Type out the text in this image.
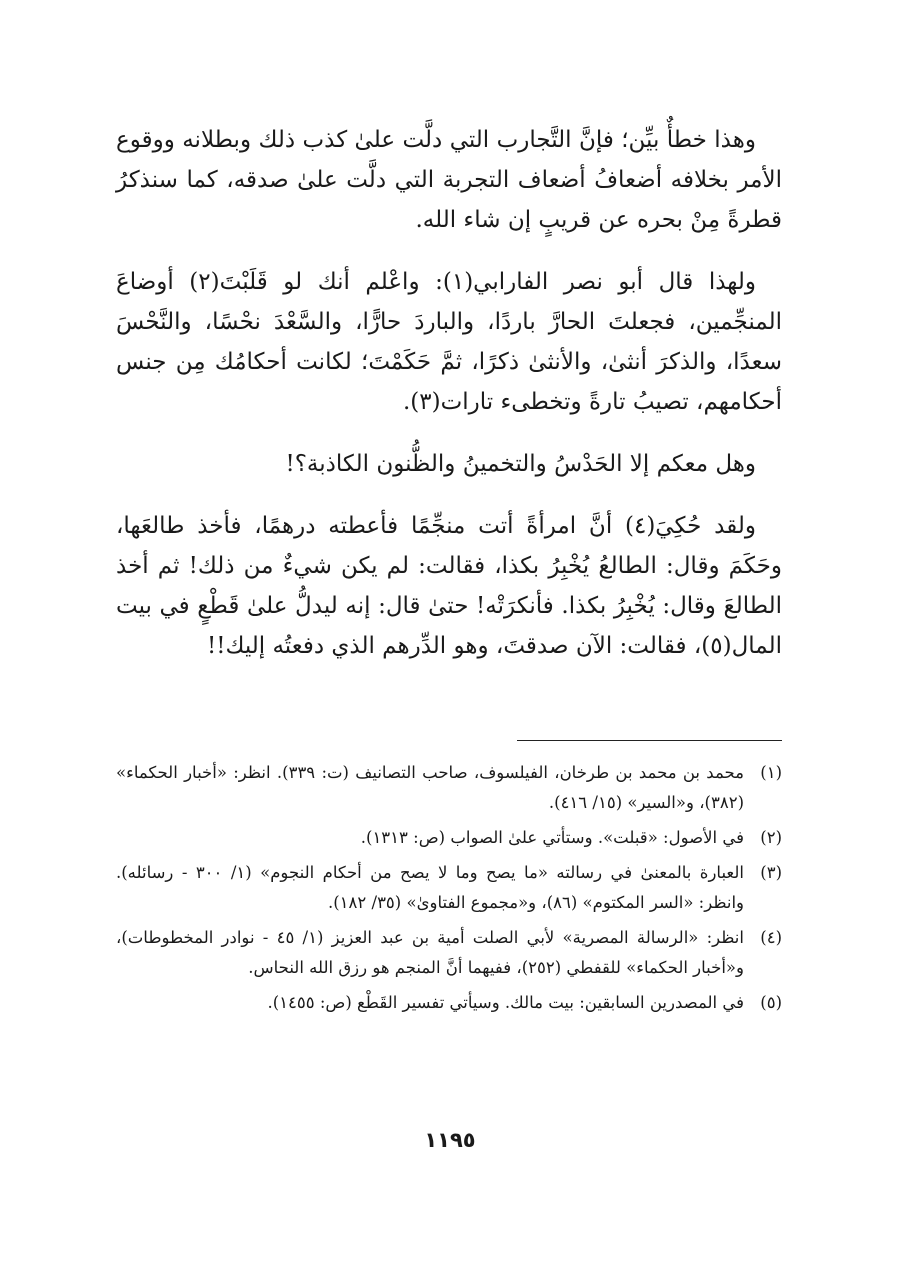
وهذا خطأٌ بيِّن؛ فإنَّ التَّجارب التي دلَّت علىٰ كذب ذلك وبطلانه ووقوع الأمر بخلافه أضعافُ أضعاف التجربة التي دلَّت علىٰ صدقه، كما سنذكرُ قطرةً مِنْ بحره عن قريبٍ إن شاء الله.

ولهذا قال أبو نصر الفارابي(١): واعْلم أنك لو قَلَبْتَ(٢) أوضاعَ المنجِّمين، فجعلتَ الحارَّ باردًا، والباردَ حارًّا، والسَّعْدَ نحْسًا، والنَّحْسَ سعدًا، والذكرَ أنثىٰ، والأنثىٰ ذكرًا، ثمَّ حَكَمْتَ؛ لكانت أحكامُك مِن جنس أحكامهم، تصيبُ تارةً وتخطىء تارات(٣).

وهل معكم إلا الحَدْسُ والتخمينُ والظُّنون الكاذبة؟!

ولقد حُكِيَ(٤) أنَّ امرأةً أتت منجِّمًا فأعطته درهمًا، فأخذ طالعَها، وحَكَمَ وقال: الطالعُ يُخْبِرُ بكذا، فقالت: لم يكن شيءٌ من ذلك! ثم أخذ الطالعَ وقال: يُخْبِرُ بكذا. فأنكرَتْه! حتىٰ قال: إنه ليدلُّ علىٰ قَطْعٍ في بيت المال(٥)، فقالت: الآن صدقتَ، وهو الدِّرهم الذي دفعتُه إليك!!

(١)
محمد بن محمد بن طرخان، الفيلسوف، صاحب التصانيف (ت: ٣٣٩). انظر: «أخبار الحكماء» (٣٨٢)، و«السير» (١٥/ ٤١٦).
(٢)
في الأصول: «قبلت». وستأتي علىٰ الصواب (ص: ١٣١٣).
(٣)
العبارة بالمعنىٰ في رسالته «ما يصح وما لا يصح من أحكام النجوم» (١/ ٣٠٠ - رسائله). وانظر: «السر المكتوم» (٨٦)، و«مجموع الفتاوىٰ» (٣٥/ ١٨٢).
(٤)
انظر: «الرسالة المصرية» لأبي الصلت أمية بن عبد العزيز (١/ ٤٥ - نوادر المخطوطات)، و«أخبار الحكماء» للقفطي (٢٥٢)، ففيهما أنَّ المنجم هو رزق الله النحاس.
(٥)
في المصدرين السابقين: بيت مالك. وسيأتي تفسير القَطْع (ص: ١٤٥٥).
١١٩٥
